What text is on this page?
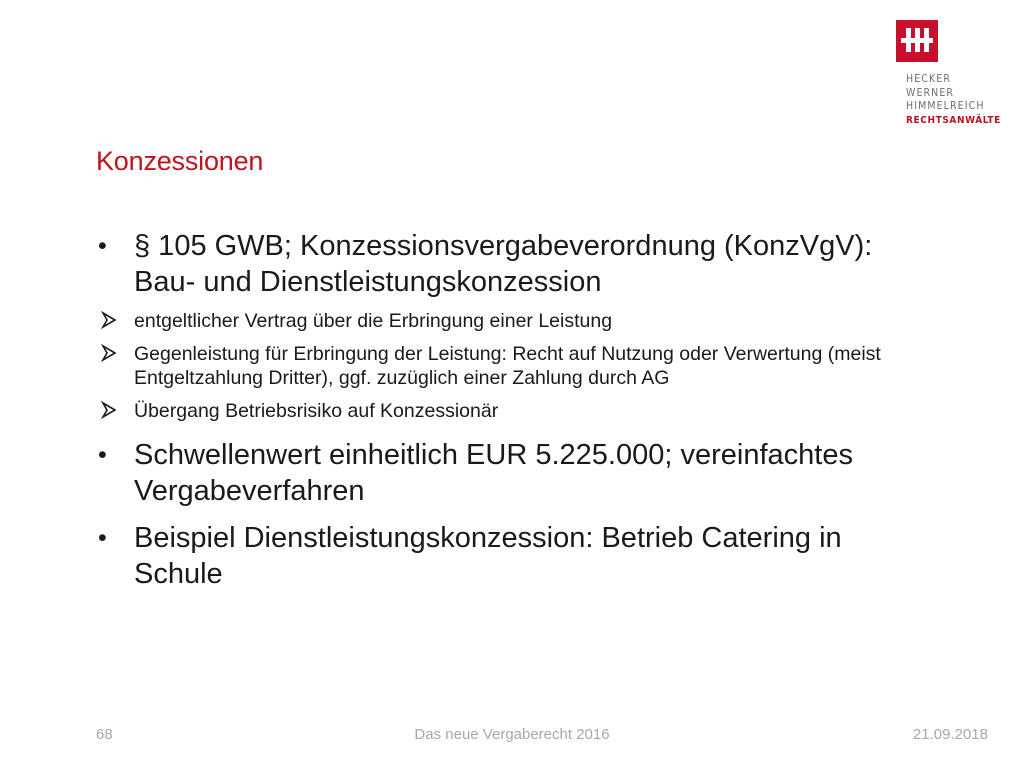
HECKER
WERNER
HIMMELREICH
RECHTSANWÄLTE
Konzessionen
• § 105 GWB; Konzessionsvergabeverordnung (KonzVgV): Bau- und Dienstleistungskonzession
entgeltlicher Vertrag über die Erbringung einer Leistung
Gegenleistung für Erbringung der Leistung: Recht auf Nutzung oder Verwertung (meist Entgeltzahlung Dritter), ggf. zuzüglich einer Zahlung durch AG
Übergang Betriebsrisiko auf Konzessionär
• Schwellenwert einheitlich EUR 5.225.000; vereinfachtes Vergabeverfahren
• Beispiel Dienstleistungskonzession: Betrieb Catering in Schule
68	Das neue Vergaberecht 2016	21.09.2018
